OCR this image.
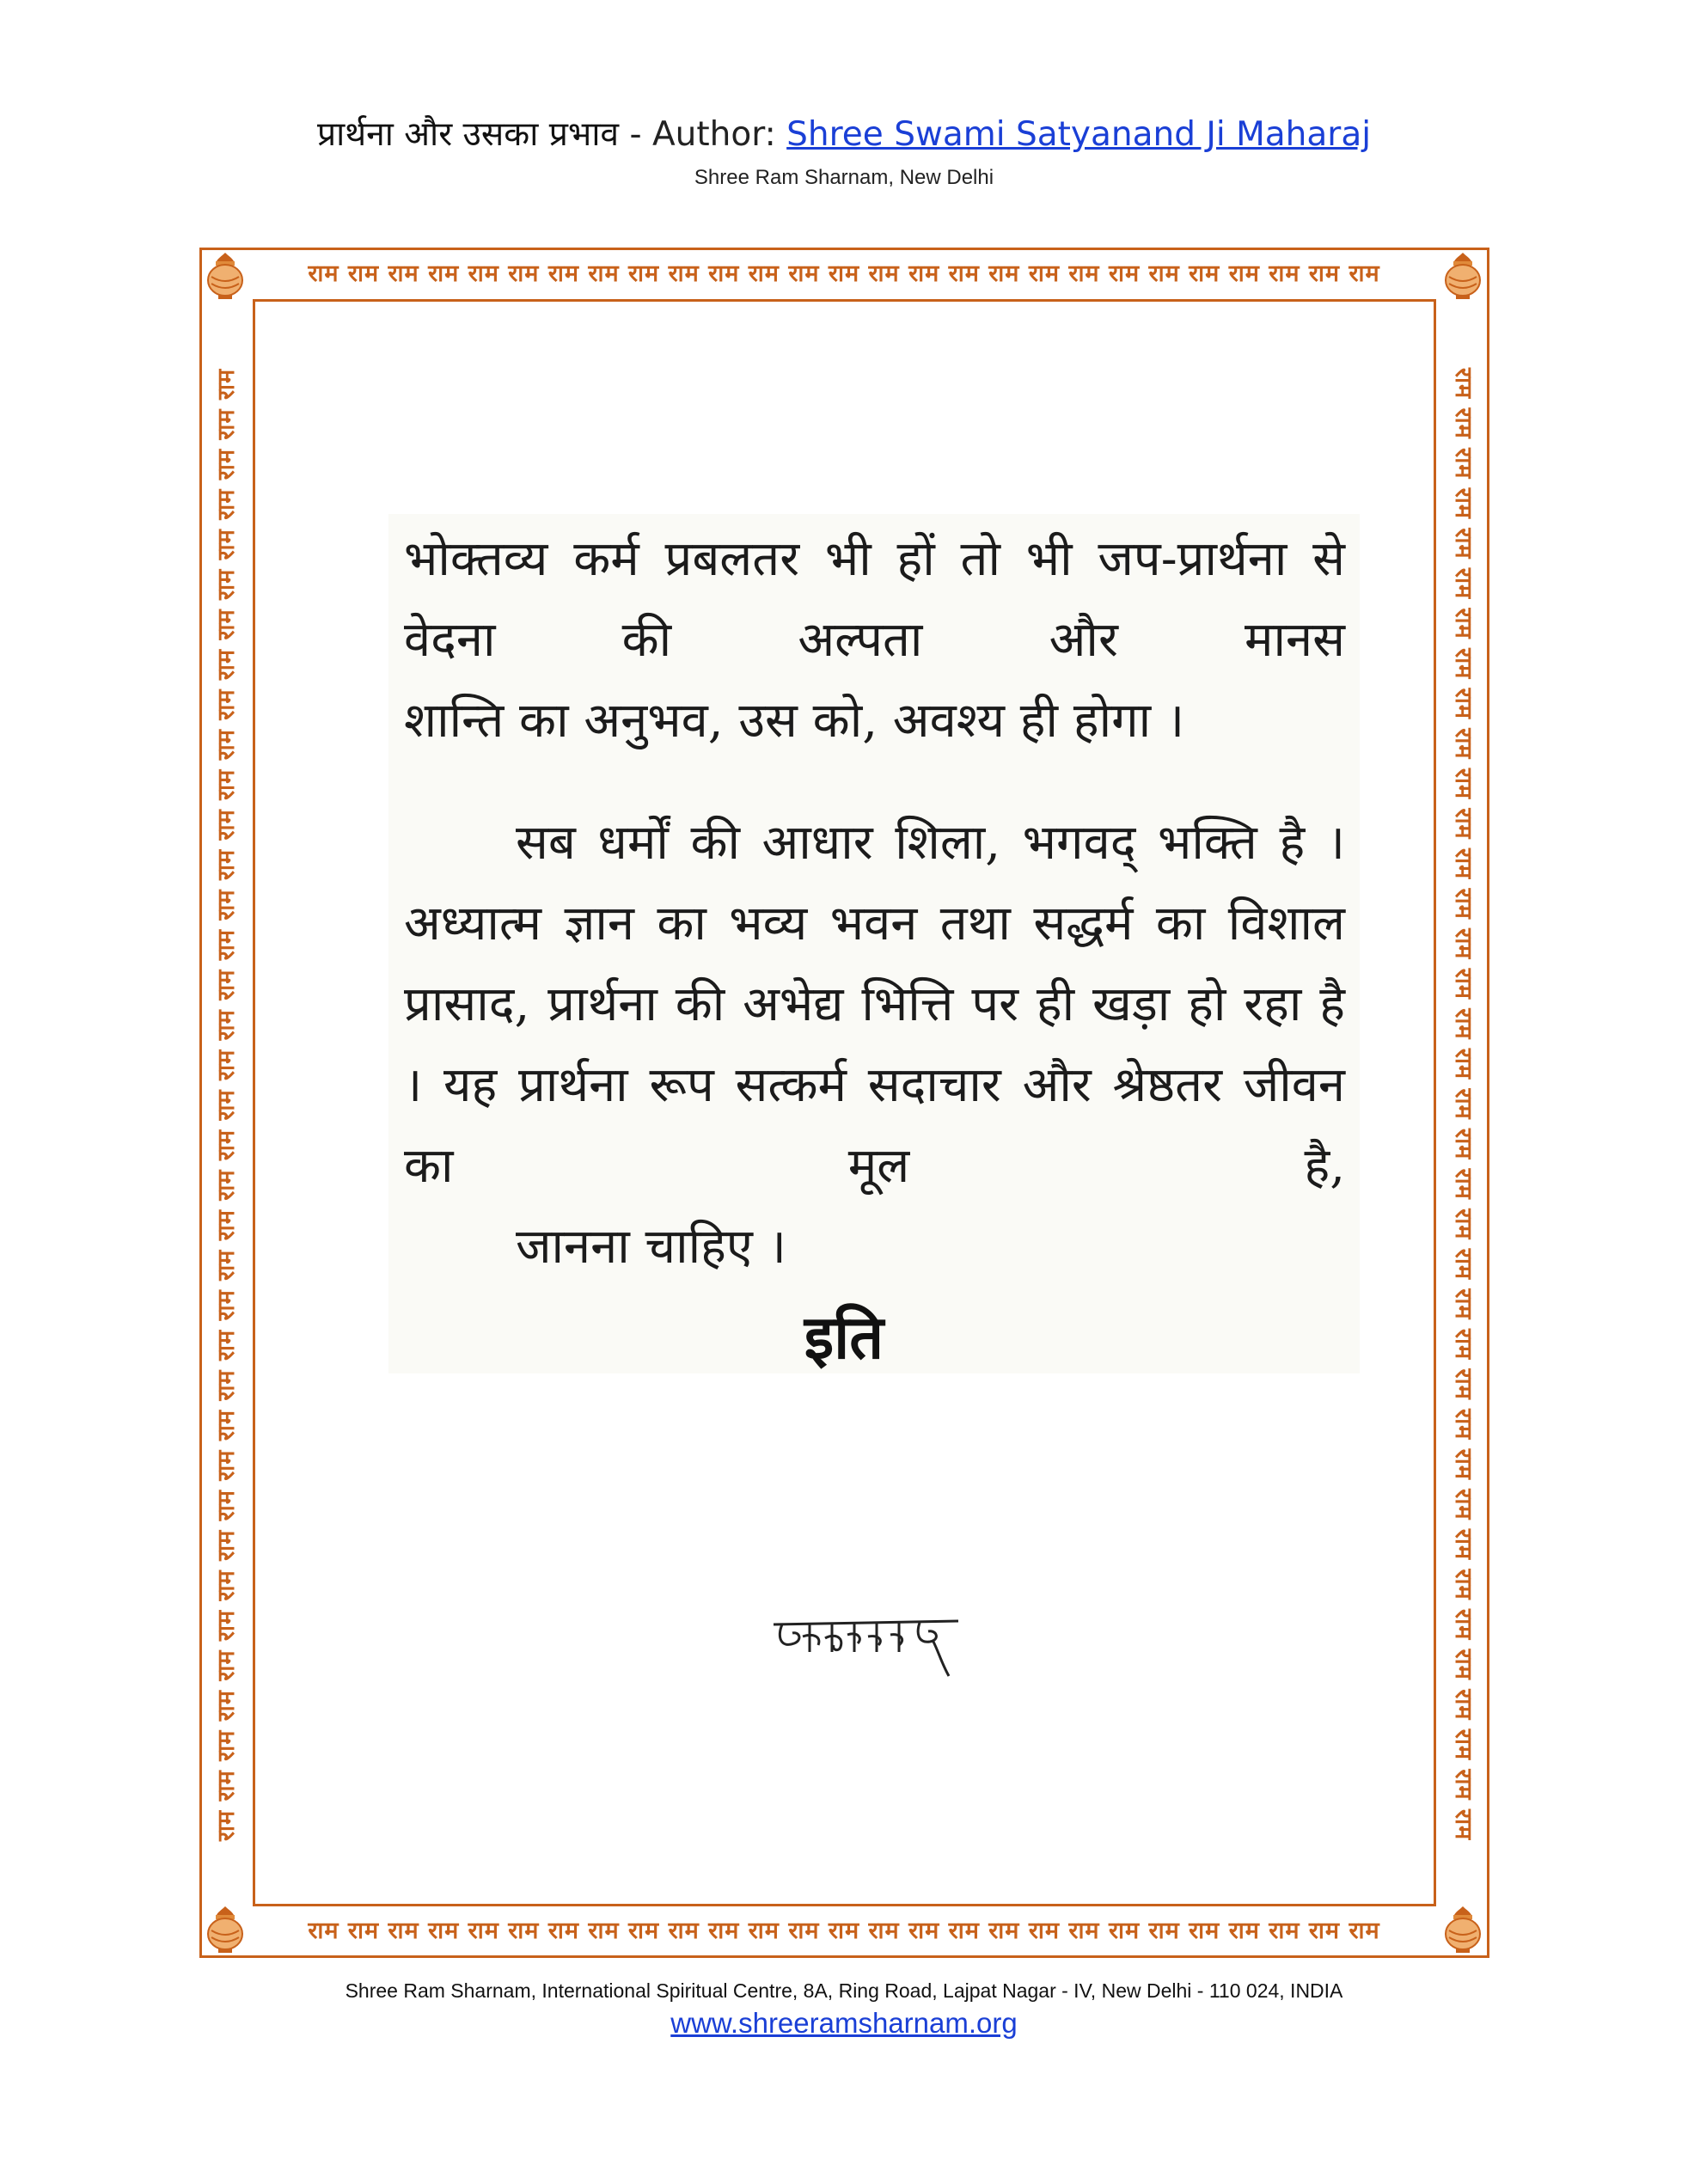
प्रार्थना और उसका प्रभाव - Author: Shree Swami Satyanand Ji Maharaj
Shree Ram Sharnam, New Delhi
राम राम राम राम राम राम राम राम राम राम राम राम राम राम राम राम राम राम राम राम राम राम राम राम राम राम राम
राम राम राम राम राम राम राम राम राम राम राम राम राम राम राम राम राम राम राम राम राम राम राम राम राम राम राम
राम राम राम राम राम राम राम राम राम राम राम राम राम राम राम राम राम राम राम राम राम राम राम राम राम राम राम राम राम राम राम राम राम राम राम राम राम	राम राम राम राम राम राम राम राम राम राम राम राम राम राम राम राम राम राम राम राम राम राम राम राम राम राम राम राम राम राम राम राम राम राम राम राम राम
भोक्तव्य कर्म प्रबलतर भी हों तो भी जप-प्रार्थना से वेदना की अल्पता और मानस
शान्ति का अनुभव, उस को, अवश्य ही होगा ।
सब धर्मों की आधार शिला, भगवद् भक्ति है । अध्यात्म ज्ञान का भव्य भवन तथा सद्धर्म का विशाल प्रासाद, प्रार्थना की अभेद्य भित्ति पर ही खड़ा हो रहा है । यह प्रार्थना रूप सत्कर्म सदाचार और श्रेष्ठतर जीवन का मूल है,
जानना चाहिए ।
इति
Shree Ram Sharnam, International Spiritual Centre, 8A, Ring Road, Lajpat Nagar - IV, New Delhi - 110 024, INDIA
www.shreeramsharnam.org
